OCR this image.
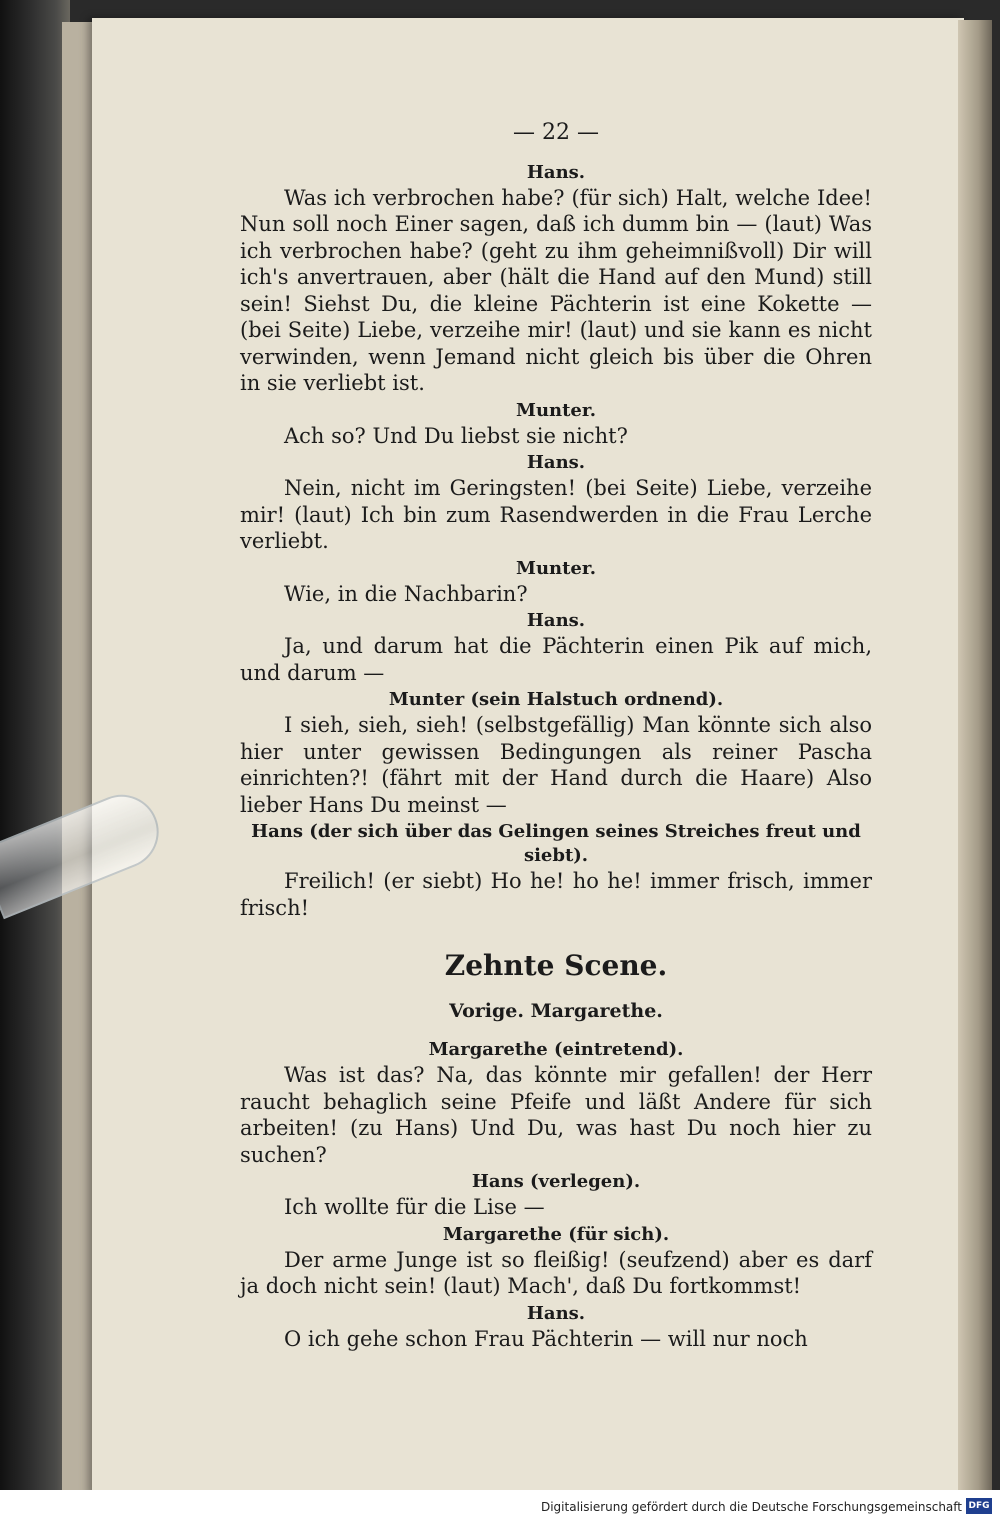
— 22 —
Hans.

Was ich verbrochen habe? (für sich) Halt, welche Idee! Nun soll noch Einer sagen, daß ich dumm bin — (laut) Was ich verbrochen habe? (geht zu ihm geheimnißvoll) Dir will ich's anvertrauen, aber (hält die Hand auf den Mund) still sein! Siehst Du, die kleine Pächterin ist eine Kokette — (bei Seite) Liebe, verzeihe mir! (laut) und sie kann es nicht verwinden, wenn Jemand nicht gleich bis über die Ohren in sie verliebt ist.

Munter.

Ach so? Und Du liebst sie nicht?

Hans.

Nein, nicht im Geringsten! (bei Seite) Liebe, verzeihe mir! (laut) Ich bin zum Rasendwerden in die Frau Lerche verliebt.

Munter.

Wie, in die Nachbarin?

Hans.

Ja, und darum hat die Pächterin einen Pik auf mich, und darum —

Munter (sein Halstuch ordnend).

I sieh, sieh, sieh! (selbstgefällig) Man könnte sich also hier unter gewissen Bedingungen als reiner Pascha einrichten?! (fährt mit der Hand durch die Haare) Also lieber Hans Du meinst —

Hans (der sich über das Gelingen seines Streiches freut und siebt).

Freilich! (er siebt) Ho he! ho he! immer frisch, immer frisch!

Zehnte Scene.
Vorige. Margarethe.
Margarethe (eintretend).

Was ist das? Na, das könnte mir gefallen! der Herr raucht behaglich seine Pfeife und läßt Andere für sich arbeiten! (zu Hans) Und Du, was hast Du noch hier zu suchen?

Hans (verlegen).

Ich wollte für die Lise —

Margarethe (für sich).

Der arme Junge ist so fleißig! (seufzend) aber es darf ja doch nicht sein! (laut) Mach', daß Du fortkommst!

Hans.

O ich gehe schon Frau Pächterin — will nur noch

Digitalisierung gefördert durch die Deutsche Forschungsgemeinschaft DFG
